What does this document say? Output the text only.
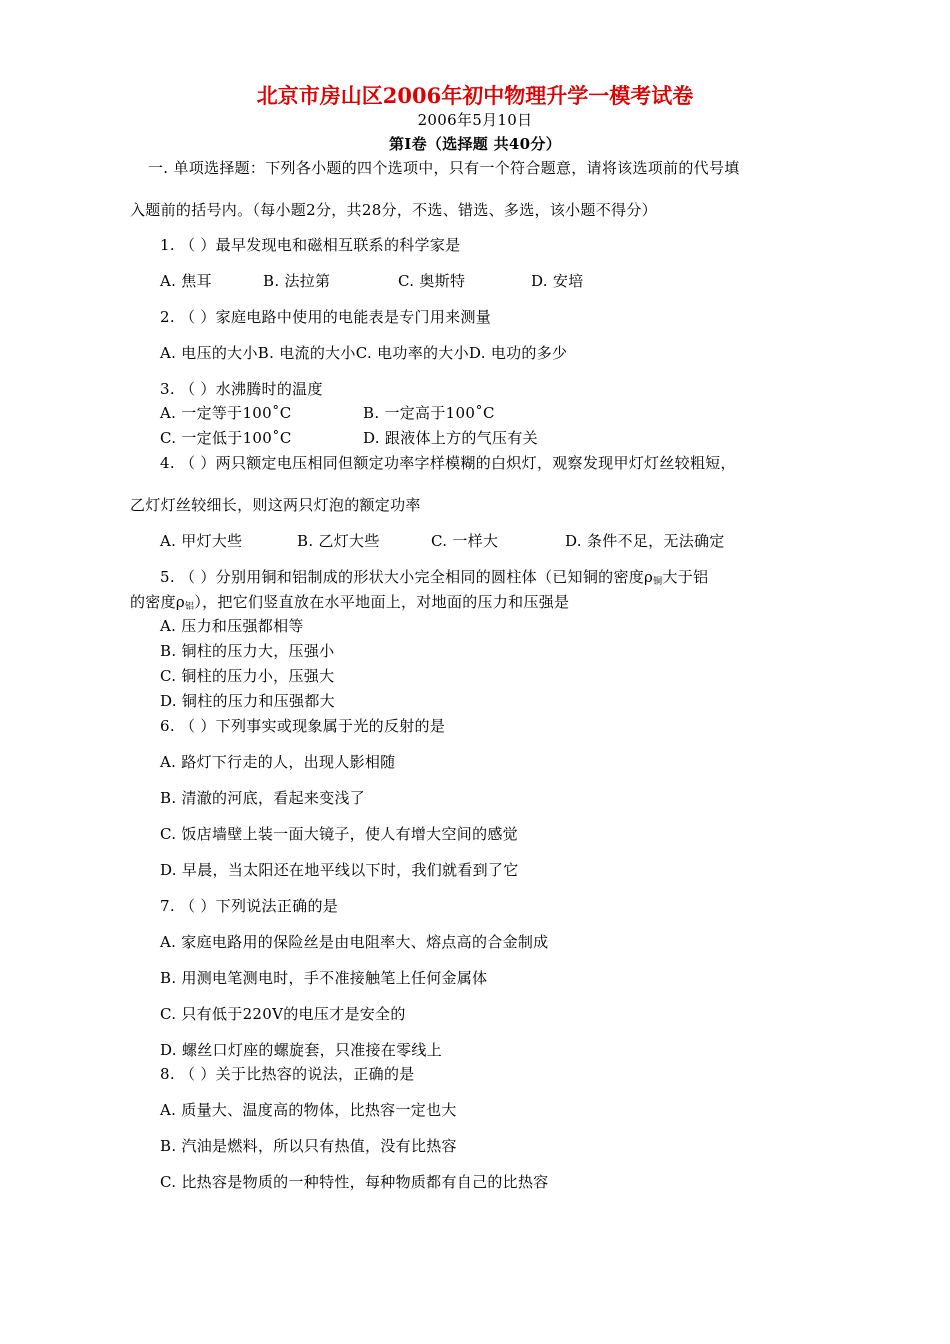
北京市房山区2006年初中物理升学一模考试卷
2006年5月10日
第I卷（选择题 共40分）
一. 单项选择题：下列各小题的四个选项中，只有一个符合题意，请将该选项前的代号填
入题前的括号内。（每小题2分，共28分，不选、错选、多选，该小题不得分）
1. （ ）最早发现电和磁相互联系的科学家是
A. 焦耳	B. 法拉第	C. 奥斯特	D. 安培
2. （ ）家庭电路中使用的电能表是专门用来测量
A. 电压的大小B. 电流的大小C. 电功率的大小D. 电功的多少
3. （ ）水沸腾时的温度
A. 一定等于100˚C	B. 一定高于100˚C
C. 一定低于100˚C	D. 跟液体上方的气压有关
4. （ ）两只额定电压相同但额定功率字样模糊的白炽灯，观察发现甲灯灯丝较粗短，
乙灯灯丝较细长，则这两只灯泡的额定功率
A. 甲灯大些	B. 乙灯大些	C. 一样大	D. 条件不足，无法确定
5. （ ）分别用铜和铝制成的形状大小完全相同的圆柱体（已知铜的密度$\rho_铜$大于铝
的密度$\rho_铝$），把它们竖直放在水平地面上，对地面的压力和压强是
A. 压力和压强都相等
B. 铜柱的压力大，压强小
C. 铜柱的压力小，压强大
D. 铜柱的压力和压强都大
6. （ ）下列事实或现象属于光的反射的是
A. 路灯下行走的人，出现人影相随
B. 清澈的河底，看起来变浅了
C. 饭店墙壁上装一面大镜子，使人有增大空间的感觉
D. 早晨，当太阳还在地平线以下时，我们就看到了它
7. （ ）下列说法正确的是
A. 家庭电路用的保险丝是由电阻率大、熔点高的合金制成
B. 用测电笔测电时，手不准接触笔上任何金属体
C. 只有低于220V的电压才是安全的
D. 螺丝口灯座的螺旋套，只准接在零线上
8. （ ）关于比热容的说法，正确的是
A. 质量大、温度高的物体，比热容一定也大
B. 汽油是燃料，所以只有热值，没有比热容
C. 比热容是物质的一种特性，每种物质都有自己的比热容
